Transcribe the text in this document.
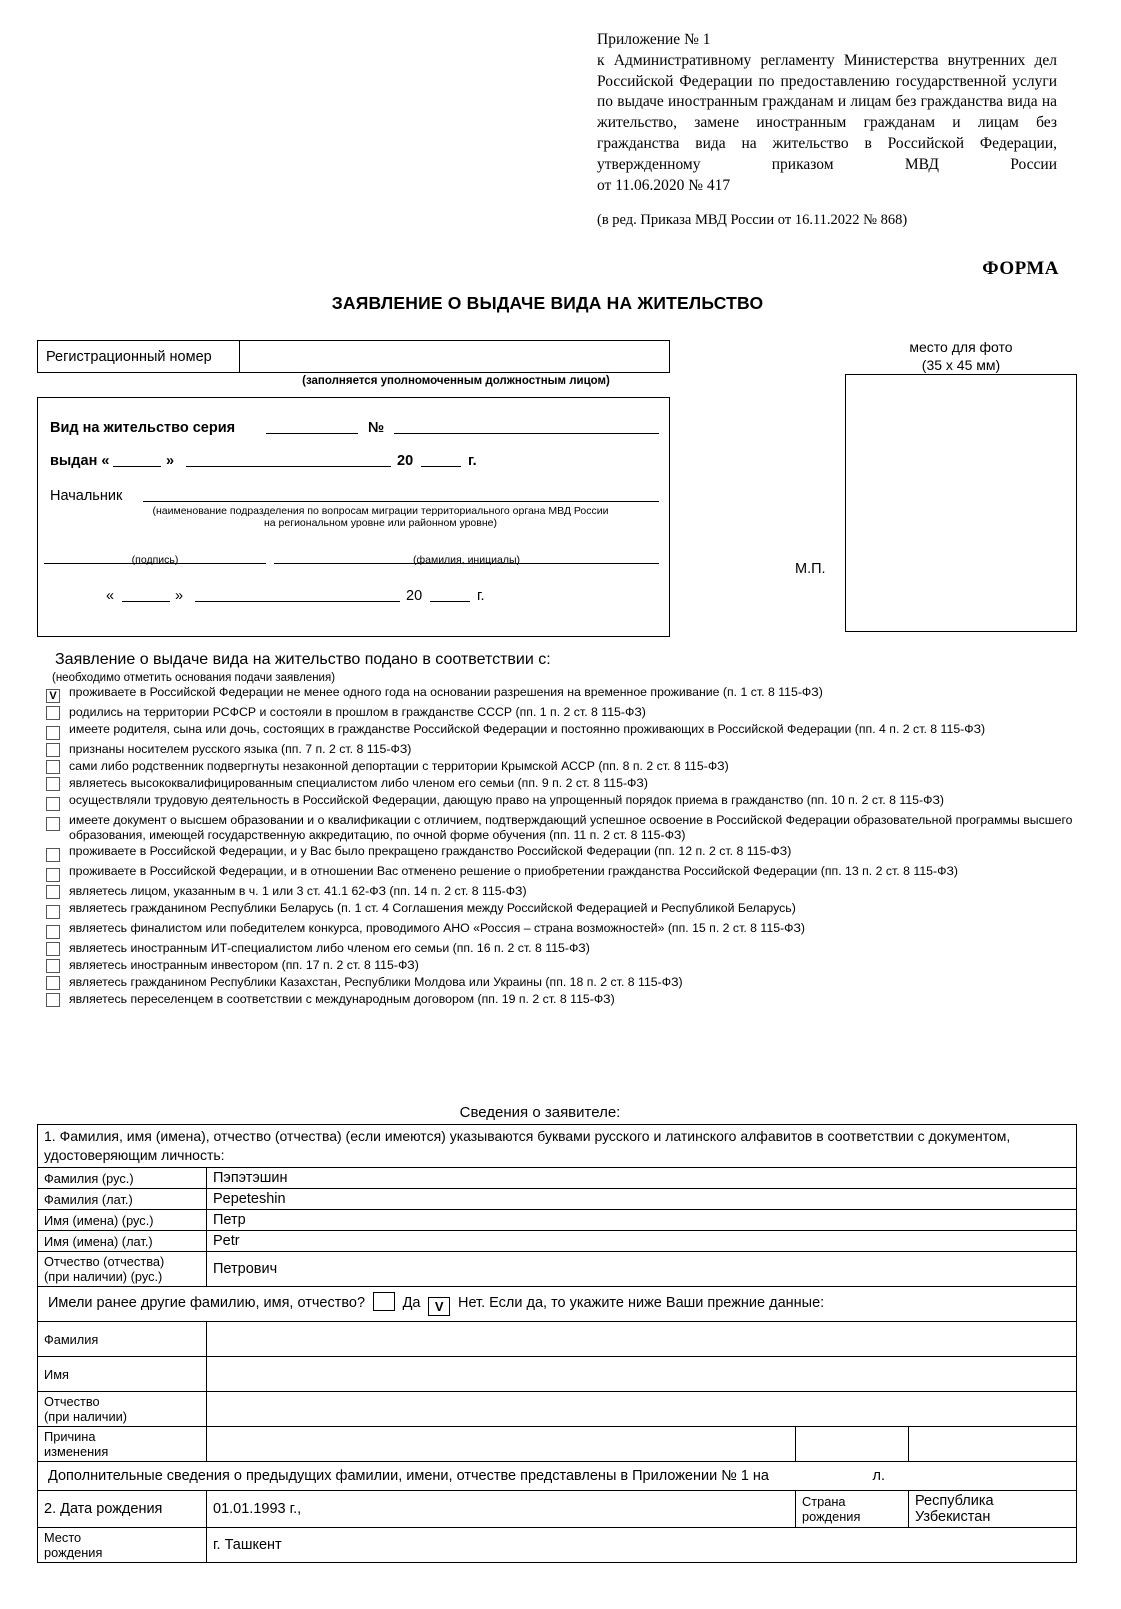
Приложение № 1
к Административному регламенту Министерства внутренних дел Российской Федерации по предоставлению государственной услуги по выдаче иностранным гражданам и лицам без гражданства вида на жительство, замене иностранным гражданам и лицам без гражданства вида на жительство в Российской Федерации, утвержденному приказом МВД России
от 11.06.2020 № 417
(в ред. Приказа МВД России от 16.11.2022 № 868)
ФОРМА
ЗАЯВЛЕНИЕ О ВЫДАЧЕ ВИДА НА ЖИТЕЛЬСТВО
Регистрационный номер
(заполняется уполномоченным должностным лицом)
Вид на жительство серия	№
выдан «	»	20	г.
Начальник
(наименование подразделения по вопросам миграции территориального органа МВД России
на региональном уровне или районном уровне)
(подпись)	(фамилия, инициалы)
«	»	20	г.
место для фото
(35 х 45 мм)
М.П.
Заявление о выдаче вида на жительство подано в соответствии с:
(необходимо отметить основания подачи заявления)
V проживаете в Российской Федерации не менее одного года на основании разрешения на временное проживание (п. 1 ст. 8 115-ФЗ)
родились на территории РСФСР и состояли в прошлом в гражданстве СССР (пп. 1 п. 2 ст. 8 115-ФЗ)
имеете родителя, сына или дочь, состоящих в гражданстве Российской Федерации и постоянно проживающих в Российской Федерации (пп. 4 п. 2 ст. 8 115-ФЗ)
признаны носителем русского языка (пп. 7 п. 2 ст. 8 115-ФЗ)
сами либо родственник подвергнуты незаконной депортации с территории Крымской АССР (пп. 8 п. 2 ст. 8 115-ФЗ)
являетесь высококвалифицированным специалистом либо членом его семьи (пп. 9 п. 2 ст. 8 115-ФЗ)
осуществляли трудовую деятельность в Российской Федерации, дающую право на упрощенный порядок приема в гражданство (пп. 10 п. 2 ст. 8 115-ФЗ)
имеете документ о высшем образовании и о квалификации с отличием, подтверждающий успешное освоение в Российской Федерации образовательной программы высшего образования, имеющей государственную аккредитацию, по очной форме обучения (пп. 11 п. 2 ст. 8 115-ФЗ)
проживаете в Российской Федерации, и у Вас было прекращено гражданство Российской Федерации (пп. 12 п. 2 ст. 8 115-ФЗ)
проживаете в Российской Федерации, и в отношении Вас отменено решение о приобретении гражданства Российской Федерации (пп. 13 п. 2 ст. 8 115-ФЗ)
являетесь лицом, указанным в ч. 1 или 3 ст. 41.1 62-ФЗ (пп. 14 п. 2 ст. 8 115-ФЗ)
являетесь гражданином Республики Беларусь (п. 1 ст. 4 Соглашения между Российской Федерацией и Республикой Беларусь)
являетесь финалистом или победителем конкурса, проводимого АНО «Россия – страна возможностей» (пп. 15 п. 2 ст. 8 115-ФЗ)
являетесь иностранным ИТ-специалистом либо членом его семьи (пп. 16 п. 2 ст. 8 115-ФЗ)
являетесь иностранным инвестором (пп. 17 п. 2 ст. 8 115-ФЗ)
являетесь гражданином Республики Казахстан, Республики Молдова или Украины (пп. 18 п. 2 ст. 8 115-ФЗ)
являетесь переселенцем в соответствии с международным договором (пп. 19 п. 2 ст. 8 115-ФЗ)
Сведения о заявителе:
1. Фамилия, имя (имена), отчество (отчества) (если имеются) указываются буквами русского и латинского алфавитов в соответствии с документом, удостоверяющим личность:			
Фамилия (рус.)	Пэпэтэшин		
Фамилия (лат.)	Pepeteshin		
Имя (имена) (рус.)	Петр		
Имя (имена) (лат.)	Petr		

Отчество (отчества)
(при наличии) (рус.)	Петрович		
Имели ранее другие фамилию, имя, отчество? Да V Нет. Если да, то укажите ниже Ваши прежние данные:			
Фамилия			
Имя			

Отчество
(при наличии)			

Причина
изменения			

Дополнительные сведения о предыдущих фамилии, имени, отчестве представлены в Приложении № 1 на л.			
2. Дата рождения	01.01.1993 г.,	Страна
рождения	Республика Узбекистан

Место
рождения	г. Ташкент		
